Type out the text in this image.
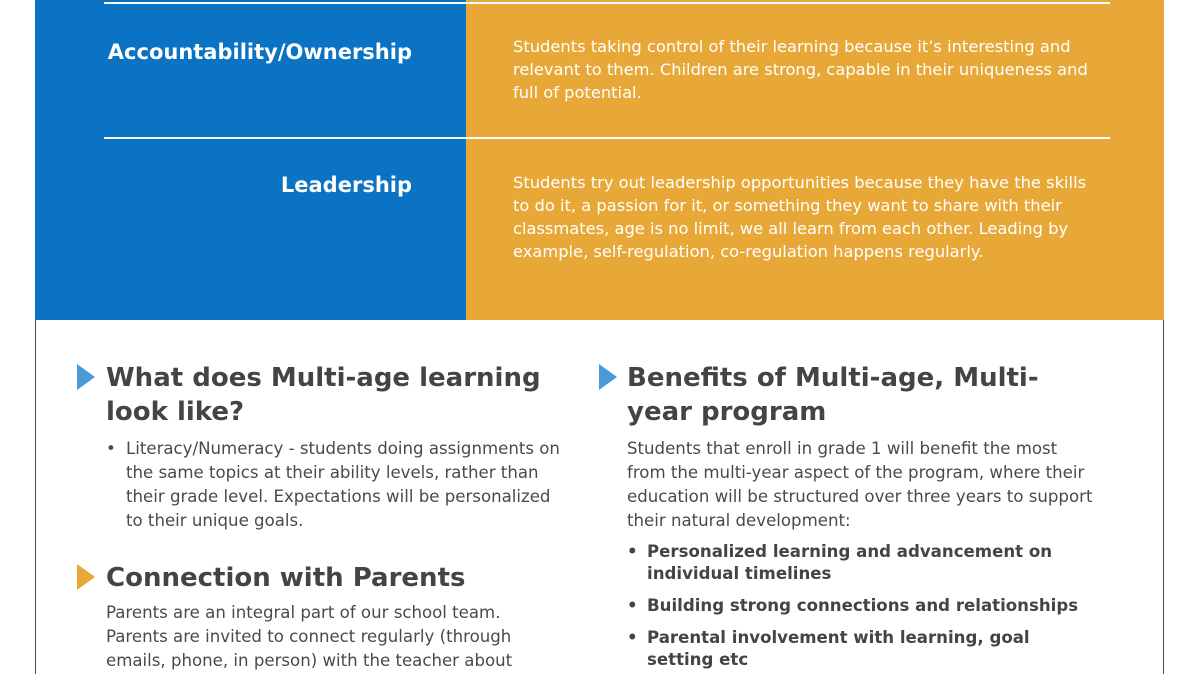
Accountability/Ownership	Students taking control of their learning because it’s interesting and relevant to them. Children are strong, capable in their uniqueness and full of potential.
Leadership	Students try out leadership opportunities because they have the skills to do it, a passion for it, or something they want to share with their classmates, age is no limit, we all learn from each other. Leading by example, self-regulation, co-regulation happens regularly.
What does Multi-age learning look like?
• Literacy/Numeracy - students doing assignments on the same topics at their ability levels, rather than their grade level. Expectations will be personalized to their unique goals.
Connection with Parents
Parents are an integral part of our school team. Parents are invited to connect regularly (through emails, phone, in person) with the teacher about
Benefits of Multi-age, Multi-year program
Students that enroll in grade 1 will benefit the most from the multi-year aspect of the program, where their education will be structured over three years to support their natural development:
• Personalized learning and advancement on individual timelines
• Building strong connections and relationships
• Parental involvement with learning, goal setting etc
